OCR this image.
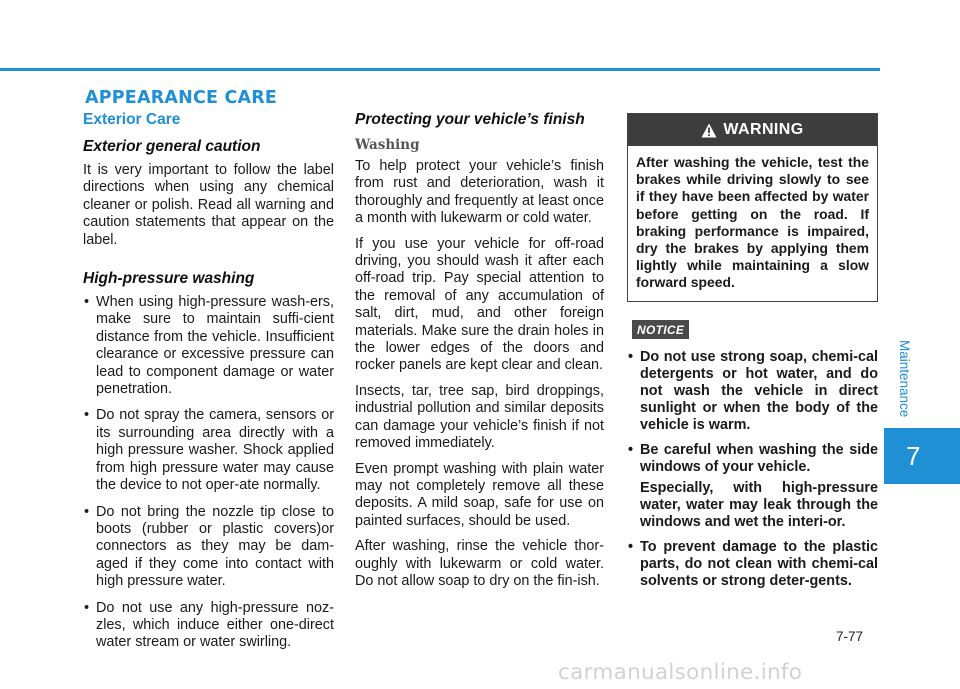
APPEARANCE CARE
Exterior Care
Exterior general caution

It is very important to follow the label directions when using any chemical cleaner or polish. Read all warning and caution statements that appear on the label.

High-pressure washing
• When using high-pressure wash-ers, make sure to maintain suffi-cient distance from the vehicle. Insufficient clearance or excessive pressure can lead to component damage or water penetration.
• Do not spray the camera, sensors or its surrounding area directly with a high pressure washer. Shock applied from high pressure water may cause the device to not oper-ate normally.
• Do not bring the nozzle tip close to boots (rubber or plastic covers)or connectors as they may be dam-aged if they come into contact with high pressure water.
• Do not use any high-pressure noz-zles, which induce either one-direct water stream or water swirling.
Protecting your vehicle’s finish
Washing

To help protect your vehicle’s finish from rust and deterioration, wash it thoroughly and frequently at least once a month with lukewarm or cold water.

If you use your vehicle for off-road driving, you should wash it after each off-road trip. Pay special attention to the removal of any accumulation of salt, dirt, mud, and other foreign materials. Make sure the drain holes in the lower edges of the doors and rocker panels are kept clear and clean.

Insects, tar, tree sap, bird droppings, industrial pollution and similar deposits can damage your vehicle’s finish if not removed immediately.

Even prompt washing with plain water may not completely remove all these deposits. A mild soap, safe for use on painted surfaces, should be used.

After washing, rinse the vehicle thor-oughly with lukewarm or cold water. Do not allow soap to dry on the fin-ish.

WARNING
After washing the vehicle, test the brakes while driving slowly to see if they have been affected by water before getting on the road. If braking performance is impaired, dry the brakes by applying them lightly while maintaining a slow forward speed.
NOTICE
• Do not use strong soap, chemi-cal detergents or hot water, and do not wash the vehicle in direct sunlight or when the body of the vehicle is warm.
• Be careful when washing the side windows of your vehicle.
Especially, with high-pressure water, water may leak through the windows and wet the interi-or.
• To prevent damage to the plastic parts, do not clean with chemi-cal solvents or strong deter-gents.
Maintenance
7
7-77
carmanualsonline.info
